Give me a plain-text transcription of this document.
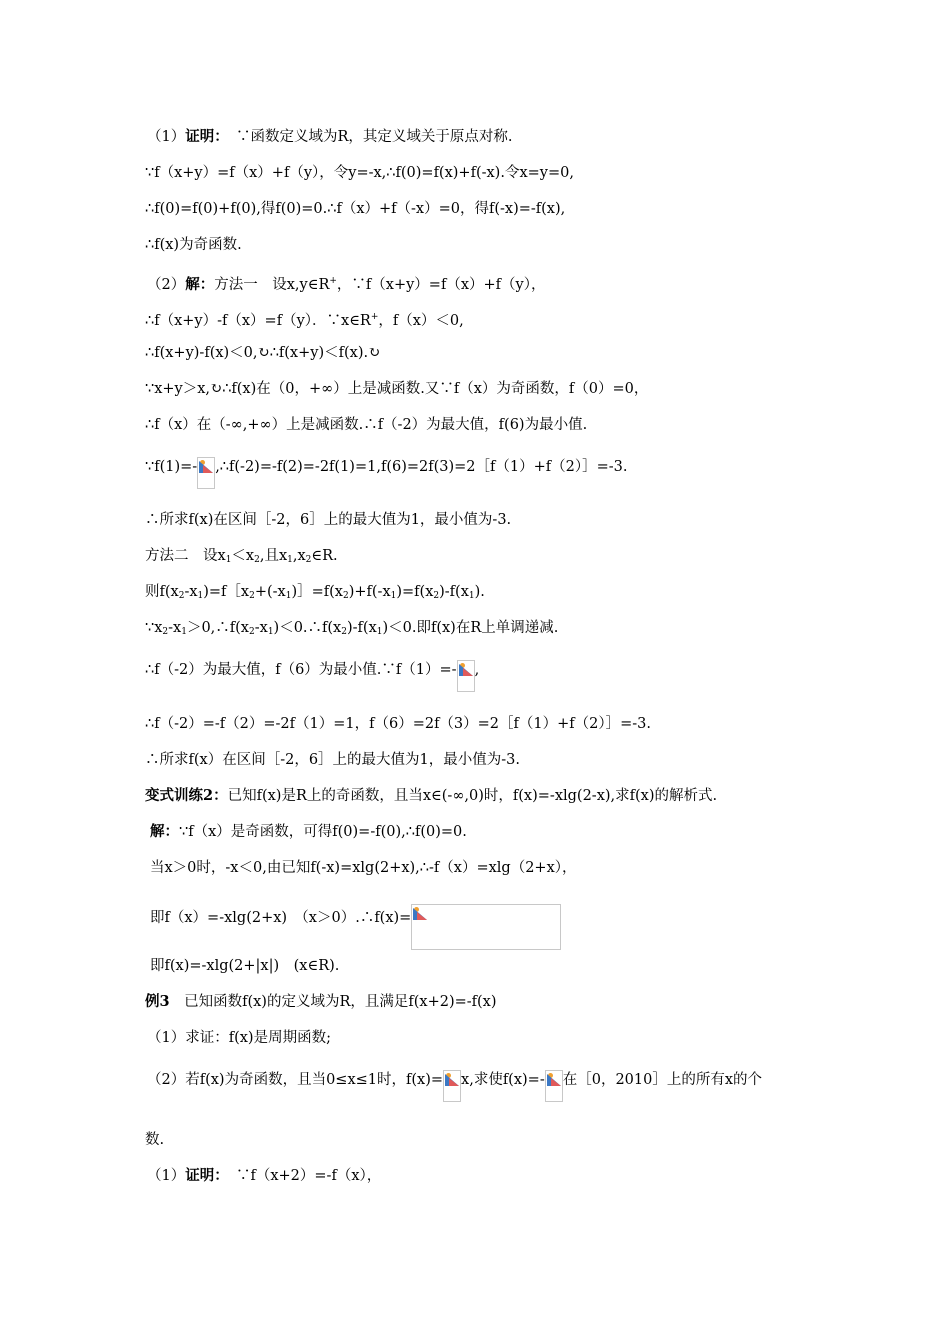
（1）证明：　∵函数定义域为R，其定义域关于原点对称.
∵f（x+y）=f（x）+f（y），令y=-x,∴f(0)=f(x)+f(-x).令x=y=0,
∴f(0)=f(0)+f(0),得f(0)=0.∴f（x）+f（-x）=0，得f(-x)=-f(x),
∴f(x)为奇函数.
（2）解：方法一　设x,y∈R+，∵f（x+y）=f（x）+f（y），
∴f（x+y）-f（x）=f（y）．∵x∈R+，f（x）＜0,
∴f(x+y)-f(x)＜0,↻∴f(x+y)＜f(x).↻
∵x+y＞x,↻∴f(x)在（0，+∞）上是减函数.又∵f（x）为奇函数，f（0）=0，
∴f（x）在（-∞,+∞）上是减函数.∴f（-2）为最大值，f(6)为最小值.
∵f(1)=- ,∴f(-2)=-f(2)=-2f(1)=1,f(6)=2f(3)=2［f（1）+f（2）］=-3.
∴所求f(x)在区间［-2，6］上的最大值为1，最小值为-3.
方法二　设$x_1<x_2$,且$x_1,x_2\in R$.
则$f(x_2-x_1)=f[x_2+(-x_1)]=f(x_2)+f(-x_1)=f(x_2)-f(x_1)$.
$\because x_2-x_1>0,\therefore f(x_2-x_1)<0.\therefore f(x_2)-f(x_1)<0$.即f(x)在R上单调递减.
∴f（-2）为最大值，f（6）为最小值.∵f（1）=- ,
∴f（-2）=-f（2）=-2f（1）=1，f（6）=2f（3）=2［f（1）+f（2）］=-3.
∴所求f(x）在区间［-2，6］上的最大值为1，最小值为-3.
变式训练2：已知f(x)是R上的奇函数，且当x∈(-∞,0)时，f(x)=-xlg(2-x),求f(x)的解析式.
解：∵f（x）是奇函数，可得f(0)=-f(0),∴f(0)=0.
当x＞0时，-x＜0,由已知f(-x)=xlg(2+x),∴-f（x）=xlg（2+x），
即f（x）=-xlg(2+x)　（x＞0）.∴f(x)=
即f(x)=-xlg(2+|x|)　(x∈R).
例3　已知函数f(x)的定义域为R，且满足f(x+2)=-f(x)
（1）求证：f(x)是周期函数;
（2）若f(x)为奇函数，且当0≤x≤1时，f(x)= x,求使f(x)=- 在［0，2010］上的所有x的个
数.
（1）证明：　∵f（x+2）=-f（x），
